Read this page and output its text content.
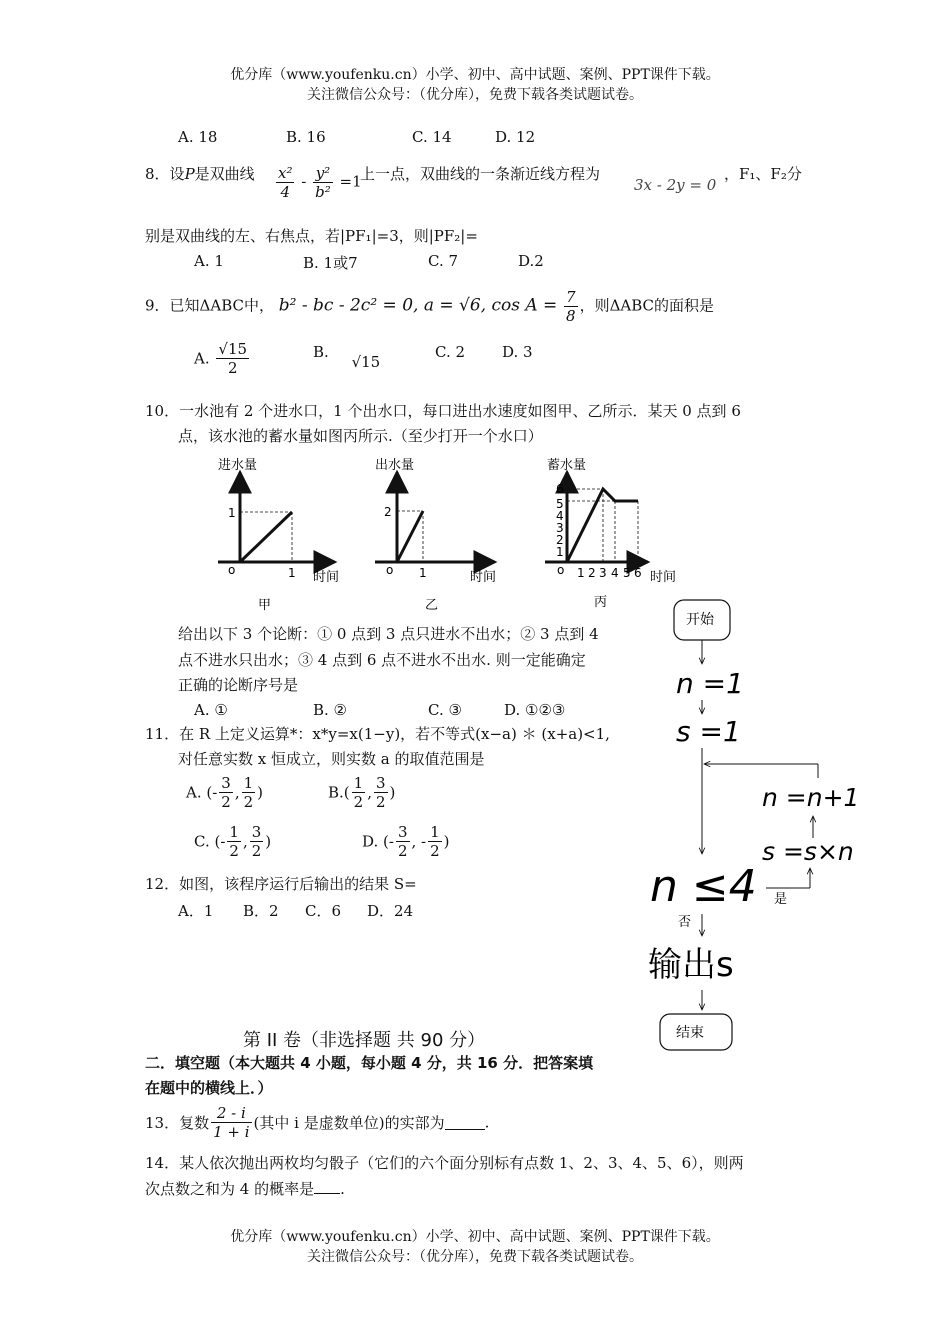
优分库（www.youfenku.cn）小学、初中、高中试题、案例、PPT课件下载。
关注微信公众号：（优分库），免费下载各类试题试卷。
A. 18	B. 16	C. 14	D. 12
8．设P是双曲线 $\frac{\text{x²}}{4} - \frac{\text{y²}}{\text{b²}} =1$
上一点，双曲线的一条渐近线方程为
3x - 2y = 0
，F₁、F₂分
别是双曲线的左、右焦点，若|PF₁|=3，则|PF₂|=
A. 1	B. 1或7	C. 7	D.2
9．已知ΔABC中， b² - bc - 2c² = 0, a = √6, $\cos A = \frac{7}{8}$ ，则ΔABC的面积是
A. $\frac{√15}{2}$	B. √15
C. 2 D. 3
10．一水池有 2 个进水口，1 个出水口，每口进出水速度如图甲、乙所示．某天 0 点到 6
点，该水池的蓄水量如图丙所示.（至少打开一个水口）
进水量
时间
o
1
1
甲
出水量
时间
o
2
1
乙
蓄水量
时间
o
1
2
3
4
5
6
1 2 3 4 5 6
丙
给出以下 3 个论断：① 0 点到 3 点只进水不出水；② 3 点到 4
点不进水只出水；③ 4 点到 6 点不进水不出水. 则一定能确定
正确的论断序号是
A. ①	B. ②	C. ③	D. ①②③
11．在 R 上定义运算*：x*y=x(1−y)，若不等式(x−a) ＊ (x+a)<1,
对任意实数 x 恒成立，则实数 a 的取值范围是
A. (- $\frac{3}{2}$ , $\frac{1}{2}$ )	$B.( \frac{1}{2}$ , $\frac{3}{2}$ )
C. (- $\frac{1}{2}$ , $\frac{3}{2}$ )	D. (- $\frac{3}{2}$ , - $\frac{1}{2}$ )
12．如图，该程序运行后输出的结果 S=
A．1 B．2 C．6 D．24
开始
n =1
s =1
n =n+1
s =s×n
n ≤4 是
否
输出s
结束
第 II 卷（非选择题 共 90 分）
二．填空题（本大题共 4 小题，每小题 4 分，共 16 分．把答案填
在题中的横线上．）
13．复数 $\frac{2 - i}{1 + i}$ (其中 i 是虚数单位)的实部为	.
14．某人依次抛出两枚均匀骰子（它们的六个面分别标有点数 1、2、3、4、5、6），则两
次点数之和为 4 的概率是 .
优分库（www.youfenku.cn）小学、初中、高中试题、案例、PPT课件下载。
关注微信公众号：（优分库），免费下载各类试题试卷。
